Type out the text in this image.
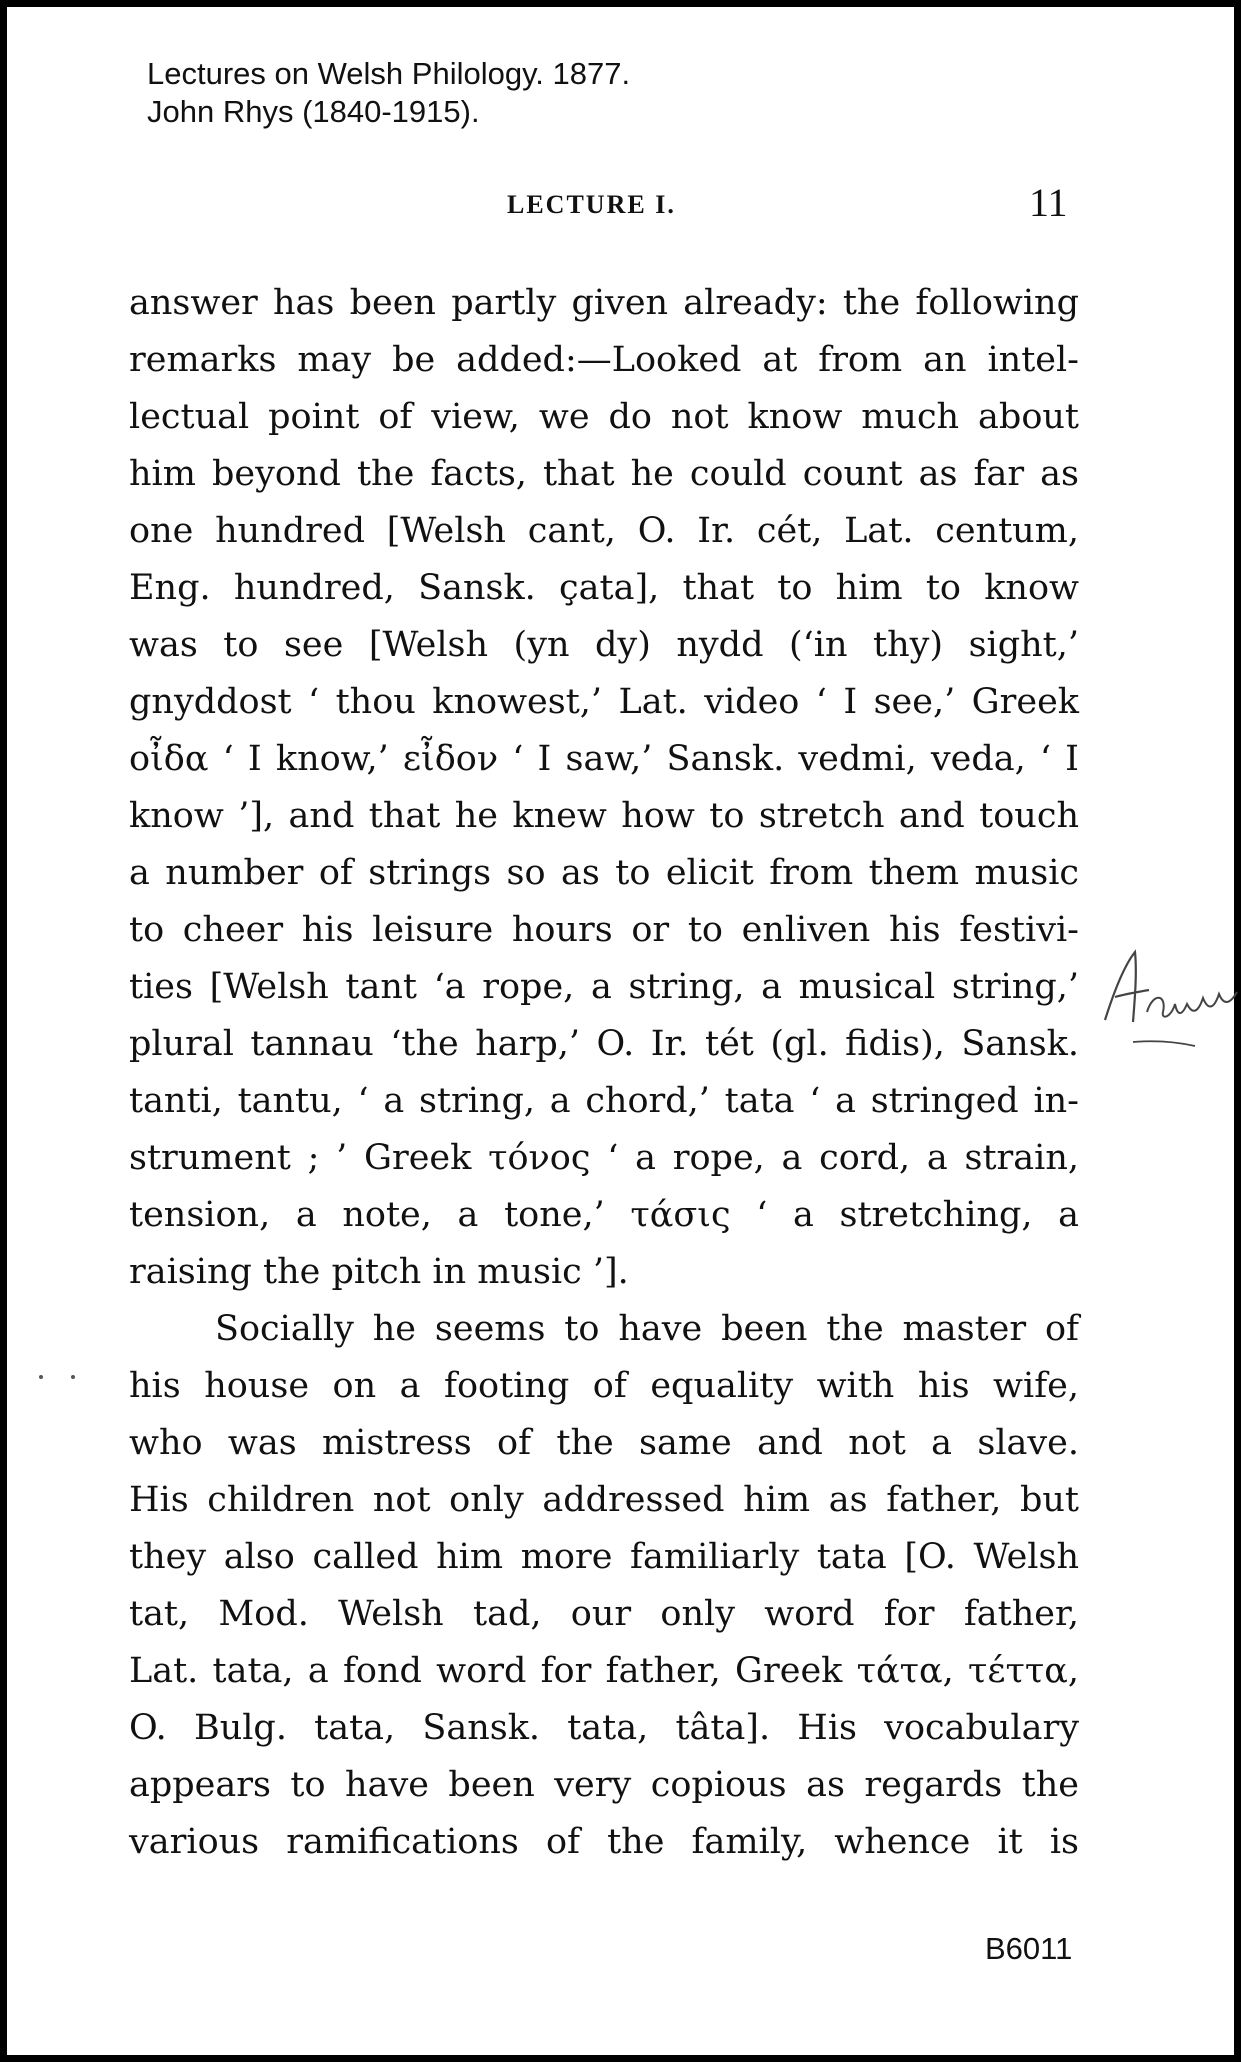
Lectures on Welsh Philology. 1877.
John Rhys (1840-1915).
LECTURE I.	11
answer has been partly given already: the following
remarks may be added:—Looked at from an intel-
lectual point of view, we do not know much about
him beyond the facts, that he could count as far as
one hundred [Welsh cant, O. Ir. cét, Lat. centum,
Eng. hundred, Sansk. çata], that to him to know
was to see [Welsh (yn dy) nydd (‘in thy) sight,’
gnyddost ‘ thou knowest,’ Lat. video ‘ I see,’ Greek
οἶδα ‘ I know,’ εἶδον ‘ I saw,’ Sansk. vedmi, veda, ‘ I
know ’], and that he knew how to stretch and touch
a number of strings so as to elicit from them music
to cheer his leisure hours or to enliven his festivi-
ties [Welsh tant ‘a rope, a string, a musical string,’
plural tannau ‘the harp,’ O. Ir. tét (gl. fidis), Sansk.
tanti, tantu, ‘ a string, a chord,’ tata ‘ a stringed in-
strument ; ’ Greek τόνος ‘ a rope, a cord, a strain,
tension, a note, a tone,’ τάσις ‘ a stretching, a
raising the pitch in music ’].
Socially he seems to have been the master of
his house on a footing of equality with his wife,
who was mistress of the same and not a slave.
His children not only addressed him as father, but
they also called him more familiarly tata [O. Welsh
tat, Mod. Welsh tad, our only word for father,
Lat. tata, a fond word for father, Greek τάτα, τέττα,
O. Bulg. tata, Sansk. tata, tâta]. His vocabulary
appears to have been very copious as regards the
various ramifications of the family, whence it is
B6011
